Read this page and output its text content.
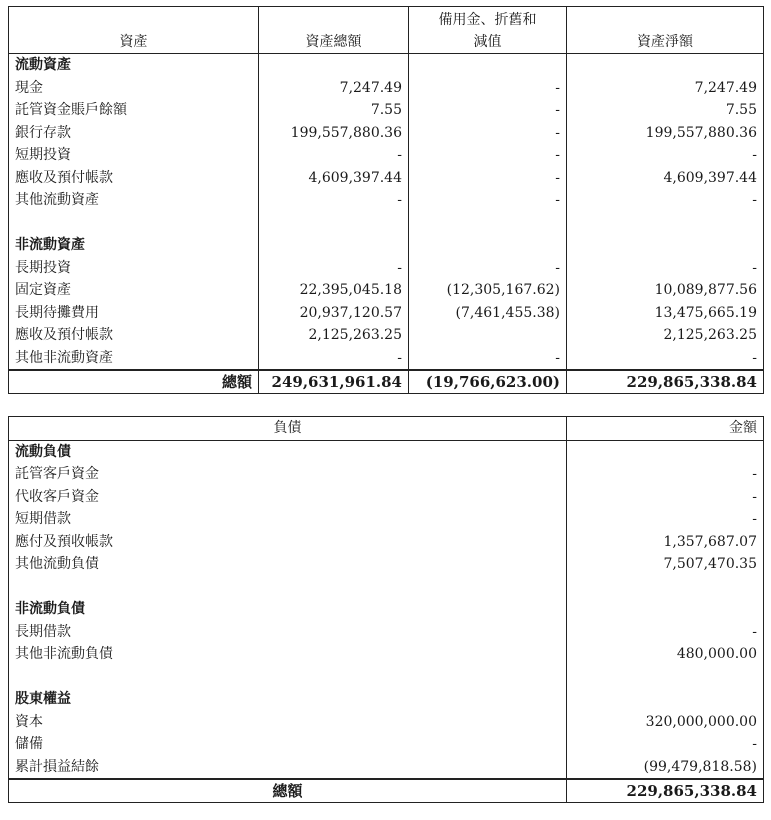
資產	資產總額	備用金、折舊和減值	資產淨額
流動資產			
現金	7,247.49	-	7,247.49
託管資金賬戶餘額	7.55	-	7.55
銀行存款	199,557,880.36	-	199,557,880.36
短期投資	-	-	-
應收及預付帳款	4,609,397.44	-	4,609,397.44
其他流動資產	-	-	-

非流動資產			
長期投資	-	-	-
固定資產	22,395,045.18	(12,305,167.62)	10,089,877.56
長期待攤費用	20,937,120.57	(7,461,455.38)	13,475,665.19
應收及預付帳款	2,125,263.25		2,125,263.25
其他非流動資產	-	-	-
總額	249,631,961.84	(19,766,623.00)	229,865,338.84
負債	金額
流動負債	
託管客戶資金	-
代收客戶資金	-
短期借款	-
應付及預收帳款	1,357,687.07
其他流動負債	7,507,470.35

非流動負債	
長期借款	-
其他非流動負債	480,000.00

股東權益	
資本	320,000,000.00
儲備	-
累計損益結餘	(99,479,818.58)
總額	229,865,338.84
